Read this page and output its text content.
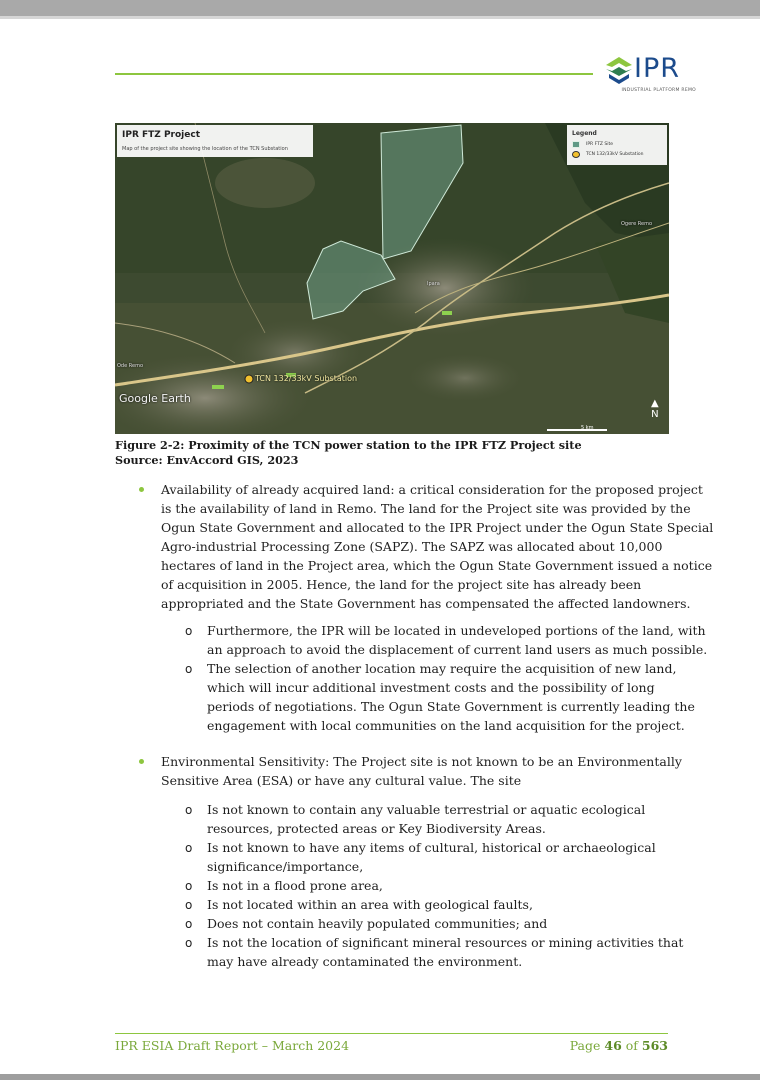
IPR
INDUSTRIAL PLATFORM REMO
IPR FTZ Project
Map of the project site showing the location of the TCN Substation
Legend
IPR FTZ Site
TCN 132/33kV Substation
TCN 132/33kV Substation
Ipara
Ode Remo
Ogere Remo
Google Earth
5 km
▲
N
Figure 2-2: Proximity of the TCN power station to the IPR FTZ Project site
Source: EnvAccord GIS, 2023
Availability of already acquired land: a critical consideration for the proposed project
is the availability of land in Remo. The land for the Project site was provided by the
Ogun State Government and allocated to the IPR Project under the Ogun State Special
Agro-industrial Processing Zone (SAPZ). The SAPZ was allocated about 10,000
hectares of land in the Project area, which the Ogun State Government issued a notice
of acquisition in 2005. Hence, the land for the project site has already been
appropriated and the State Government has compensated the affected landowners.
o Furthermore, the IPR will be located in undeveloped portions of the land, with
an approach to avoid the displacement of current land users as much possible.
o The selection of another location may require the acquisition of new land,
which will incur additional investment costs and the possibility of long
periods of negotiations. The Ogun State Government is currently leading the
engagement with local communities on the land acquisition for the project.
Environmental Sensitivity: The Project site is not known to be an Environmentally
Sensitive Area (ESA) or have any cultural value. The site
o Is not known to contain any valuable terrestrial or aquatic ecological
resources, protected areas or Key Biodiversity Areas.
o Is not known to have any items of cultural, historical or archaeological
significance/importance,
o Is not in a flood prone area,
o Is not located within an area with geological faults,
o Does not contain heavily populated communities; and
o Is not the location of significant mineral resources or mining activities that
may have already contaminated the environment.
IPR ESIA Draft Report – March 2024	Page 46 of 563
